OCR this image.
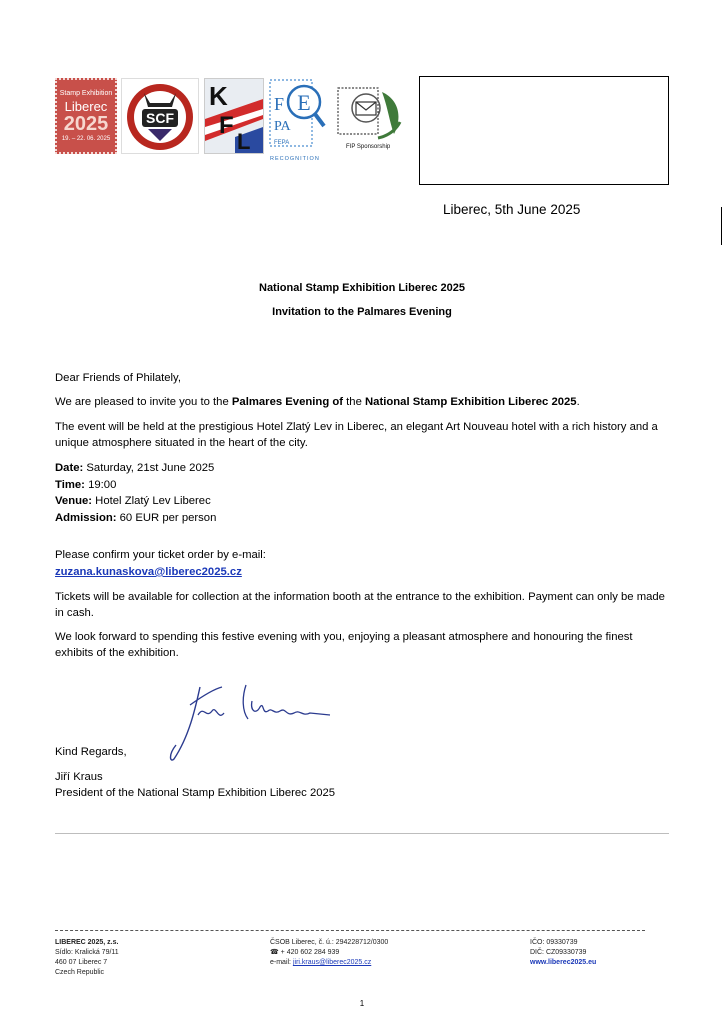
Stamp Exhibition
Liberec
2025
19. – 22. 06. 2025
SCF
K
F
L
E
F
PA
FEPA
RECOGNITION
FIP Sponsorship
Liberec, 5th June 2025
National Stamp Exhibition Liberec 2025
Invitation to the Palmares Evening
Dear Friends of Philately,
We are pleased to invite you to the Palmares Evening of the National Stamp Exhibition Liberec 2025.
The event will be held at the prestigious Hotel Zlatý Lev in Liberec, an elegant Art Nouveau hotel with a rich history and a unique atmosphere situated in the heart of the city.
Date: Saturday, 21st June 2025
Time: 19:00
Venue: Hotel Zlatý Lev Liberec
Admission: 60 EUR per person
Please confirm your ticket order by e-mail:
zuzana.kunaskova@liberec2025.cz
Tickets will be available for collection at the information booth at the entrance to the exhibition. Payment can only be made in cash.
We look forward to spending this festive evening with you, enjoying a pleasant atmosphere and honouring the finest exhibits of the exhibition.
Kind Regards,
Jiří Kraus
President of the National Stamp Exhibition Liberec 2025
LIBEREC 2025, z.s.
Sídlo: Kralická 79/11
460 07 Liberec 7
Czech Republic
ČSOB Liberec, č. ú.: 294228712/0300
☎ + 420 602 284 939
e-mail: jiri.kraus@liberec2025.cz
IČO: 09330739
DIČ: CZ09330739
www.liberec2025.eu
1
